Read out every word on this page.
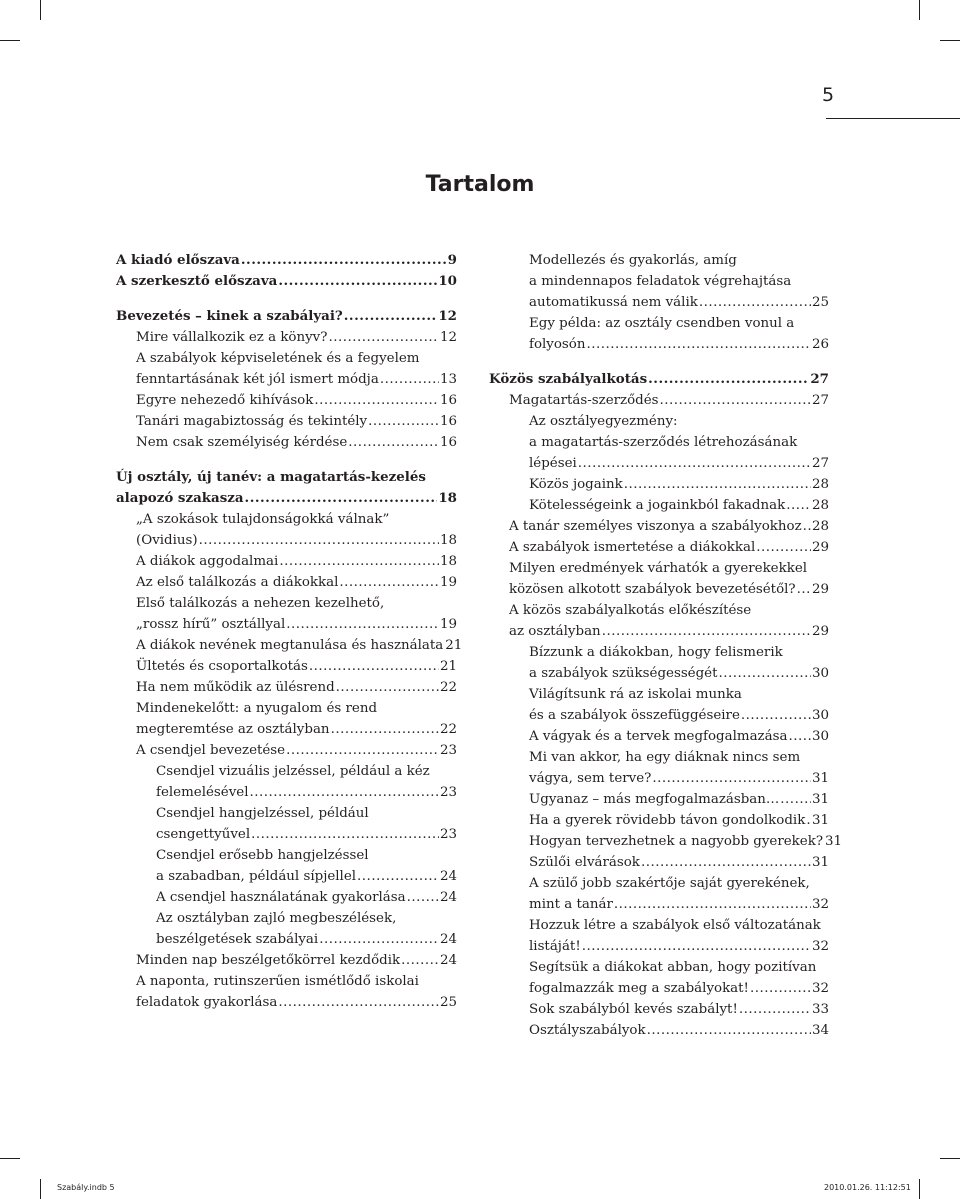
5
Tartalom
A kiadó előszava .....	9
A szerkesztő előszava .....	10
Bevezetés – kinek a szabályai? .....	12
Mire vállalkozik ez a könyv? .....	12
A szabályok képviseletének és a fegyelem
fenntartásának két jól ismert módja .....	13
Egyre nehezedő kihívások .....	16
Tanári magabiztosság és tekintély .....	16
Nem csak személyiség kérdése .....	16
Új osztály, új tanév: a magatartás-kezelés
alapozó szakasza .....	18
„A szokások tulajdonságokká válnak”
(Ovidius) .....	18
A diákok aggodalmai .....	18
Az első találkozás a diákokkal .....	19
Első találkozás a nehezen kezelhető,
„rossz hírű” osztállyal .....	19
A diákok nevének megtanulása és használata 21
Ültetés és csoportalkotás .....	21
Ha nem működik az ülésrend .....	22
Mindenekelőtt: a nyugalom és rend
megteremtése az osztályban .....	22
A csendjel bevezetése .....	23
Csendjel vizuális jelzéssel, például a kéz
felemelésével .....	23
Csendjel hangjelzéssel, például
csengettyűvel .....	23
Csendjel erősebb hangjelzéssel
a szabadban, például sípjellel .....	24
A csendjel használatának gyakorlása .....	24
Az osztályban zajló megbeszélések,
beszélgetések szabályai .....	24
Minden nap beszélgetőkörrel kezdődik .....	24
A naponta, rutinszerűen ismétlődő iskolai
feladatok gyakorlása .....	25
Modellezés és gyakorlás, amíg
a mindennapos feladatok végrehajtása
automatikussá nem válik .....	25
Egy példa: az osztály csendben vonul a
folyosón .....	26
Közös szabályalkotás .....	27
Magatartás-szerződés .....	27
Az osztályegyezmény:
a magatartás-szerződés létrehozásának
lépései .....	27
Közös jogaink .....	28
Kötelességeink a jogainkból fakadnak ..... 28
A tanár személyes viszonya a szabályokhoz ..... 28
A szabályok ismertetése a diákokkal .....	29
Milyen eredmények várhatók a gyerekekkel
közösen alkotott szabályok bevezetésétől? ..... 29
A közös szabályalkotás előkészítése
az osztályban .....	29
Bízzunk a diákokban, hogy felismerik
a szabályok szükségességét .....	30
Világítsunk rá az iskolai munka
és a szabályok összefüggéseire .....	30
A vágyak és a tervek megfogalmazása ..... 30
Mi van akkor, ha egy diáknak nincs sem
vágya, sem terve? .....	31
Ugyanaz – más megfogalmazásban… ..... 31
Ha a gyerek rövidebb távon gondolkodik ..... 31
Hogyan tervezhetnek a nagyobb gyerekek? 31
Szülői elvárások .....	31
A szülő jobb szakértője saját gyerekének,
mint a tanár .....	32
Hozzuk létre a szabályok első változatának
listáját! .....	32
Segítsük a diákokat abban, hogy pozitívan
fogalmazzák meg a szabályokat! .....	32
Sok szabályból kevés szabályt! .....	33
Osztályszabályok .....	34
Szabály.indb 5	2010.01.26. 11:12:51
